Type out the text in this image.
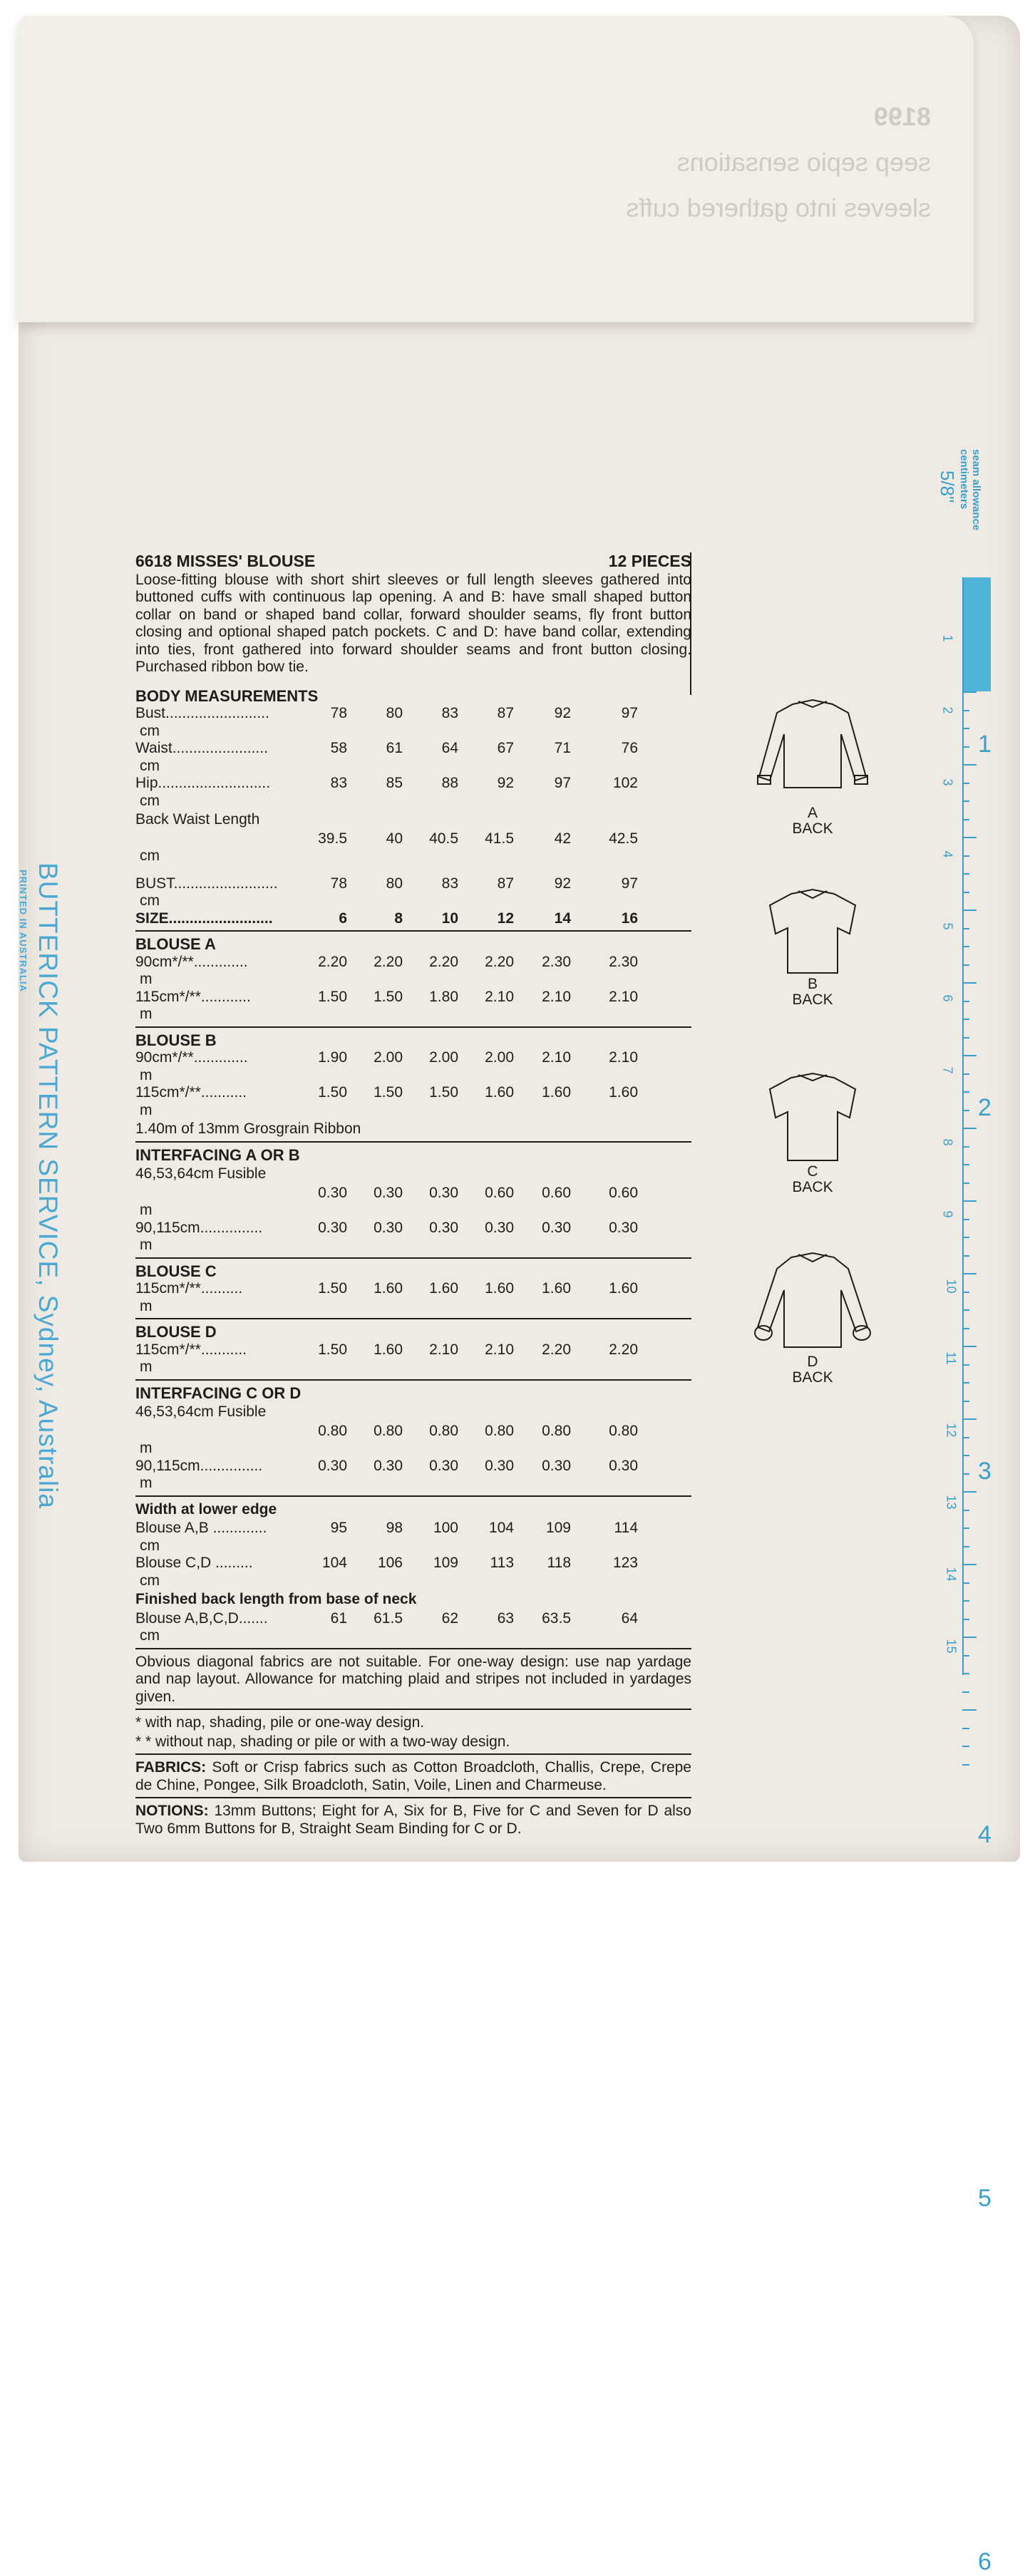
8199
seep sepio sensations
sleeves into gathered cuffs
6618 MISSES' BLOUSE	12 PIECES
Loose-fitting blouse with short shirt sleeves or full length sleeves gathered into buttoned cuffs with continuous lap opening. A and B: have small shaped button collar on band or shaped band collar, forward shoulder seams, fly front button closing and optional shaped patch pockets. C and D: have band collar, extending into ties, front gathered into forward shoulder seams and front button closing. Purchased ribbon bow tie.
BODY MEASUREMENTS
Bust.........................	78	80	83	87	92	97
cm
Waist.......................	58	61	64	67	71	76
cm
Hip...........................	83	85	88	92	97	102
cm
Back Waist Length
39.5	40	40.5	41.5	42	42.5
cm
BUST.........................	78	80	83	87	92	97
cm
SIZE.........................	6	8	10	12	14	16
BLOUSE A
90cm*/**.............	2.20	2.20	2.20	2.20	2.30	2.30
m
115cm*/**............	1.50	1.50	1.80	2.10	2.10	2.10
m
BLOUSE B
90cm*/**.............	1.90	2.00	2.00	2.00	2.10	2.10
m
115cm*/**...........	1.50	1.50	1.50	1.60	1.60	1.60
m
1.40m of 13mm Grosgrain Ribbon
INTERFACING A OR B
46,53,64cm Fusible
0.30	0.30	0.30	0.60	0.60	0.60
m
90,115cm...............	0.30	0.30	0.30	0.30	0.30	0.30
m
BLOUSE C
115cm*/**..........	1.50	1.60	1.60	1.60	1.60	1.60
m
BLOUSE D
115cm*/**...........	1.50	1.60	2.10	2.10	2.20	2.20
m
INTERFACING C OR D
46,53,64cm Fusible
0.80	0.80	0.80	0.80	0.80	0.80
m
90,115cm...............	0.30	0.30	0.30	0.30	0.30	0.30
m
Width at lower edge
Blouse A,B .............	95	98	100	104	109	114
cm
Blouse C,D .........	104	106	109	113	118	123
cm
Finished back length from base of neck
Blouse A,B,C,D.......	61	61.5	62	63	63.5	64
cm
Obvious diagonal fabrics are not suitable. For one-way design: use nap yardage and nap layout. Allowance for matching plaid and stripes not included in yardages given.
* with nap, shading, pile or one-way design.
* * without nap, shading or pile or with a two-way design.
FABRICS: Soft or Crisp fabrics such as Cotton Broadcloth, Challis, Crepe, Crepe de Chine, Pongee, Silk Broadcloth, Satin, Voile, Linen and Charmeuse.
NOTIONS: 13mm Buttons; Eight for A, Six for B, Five for C and Seven for D also Two 6mm Buttons for B, Straight Seam Binding for C or D.
A
BACK
B
BACK
C
BACK
D
BACK
BUTTERICK PATTERN SERVICE, Sydney, Australia
PRINTED IN AUSTRALIA
seam allowance
centimeters
5/8"
1
2
3
4
5
6
1
2
3
4
5
6
7
8
9
10
11
12
13
14
15
